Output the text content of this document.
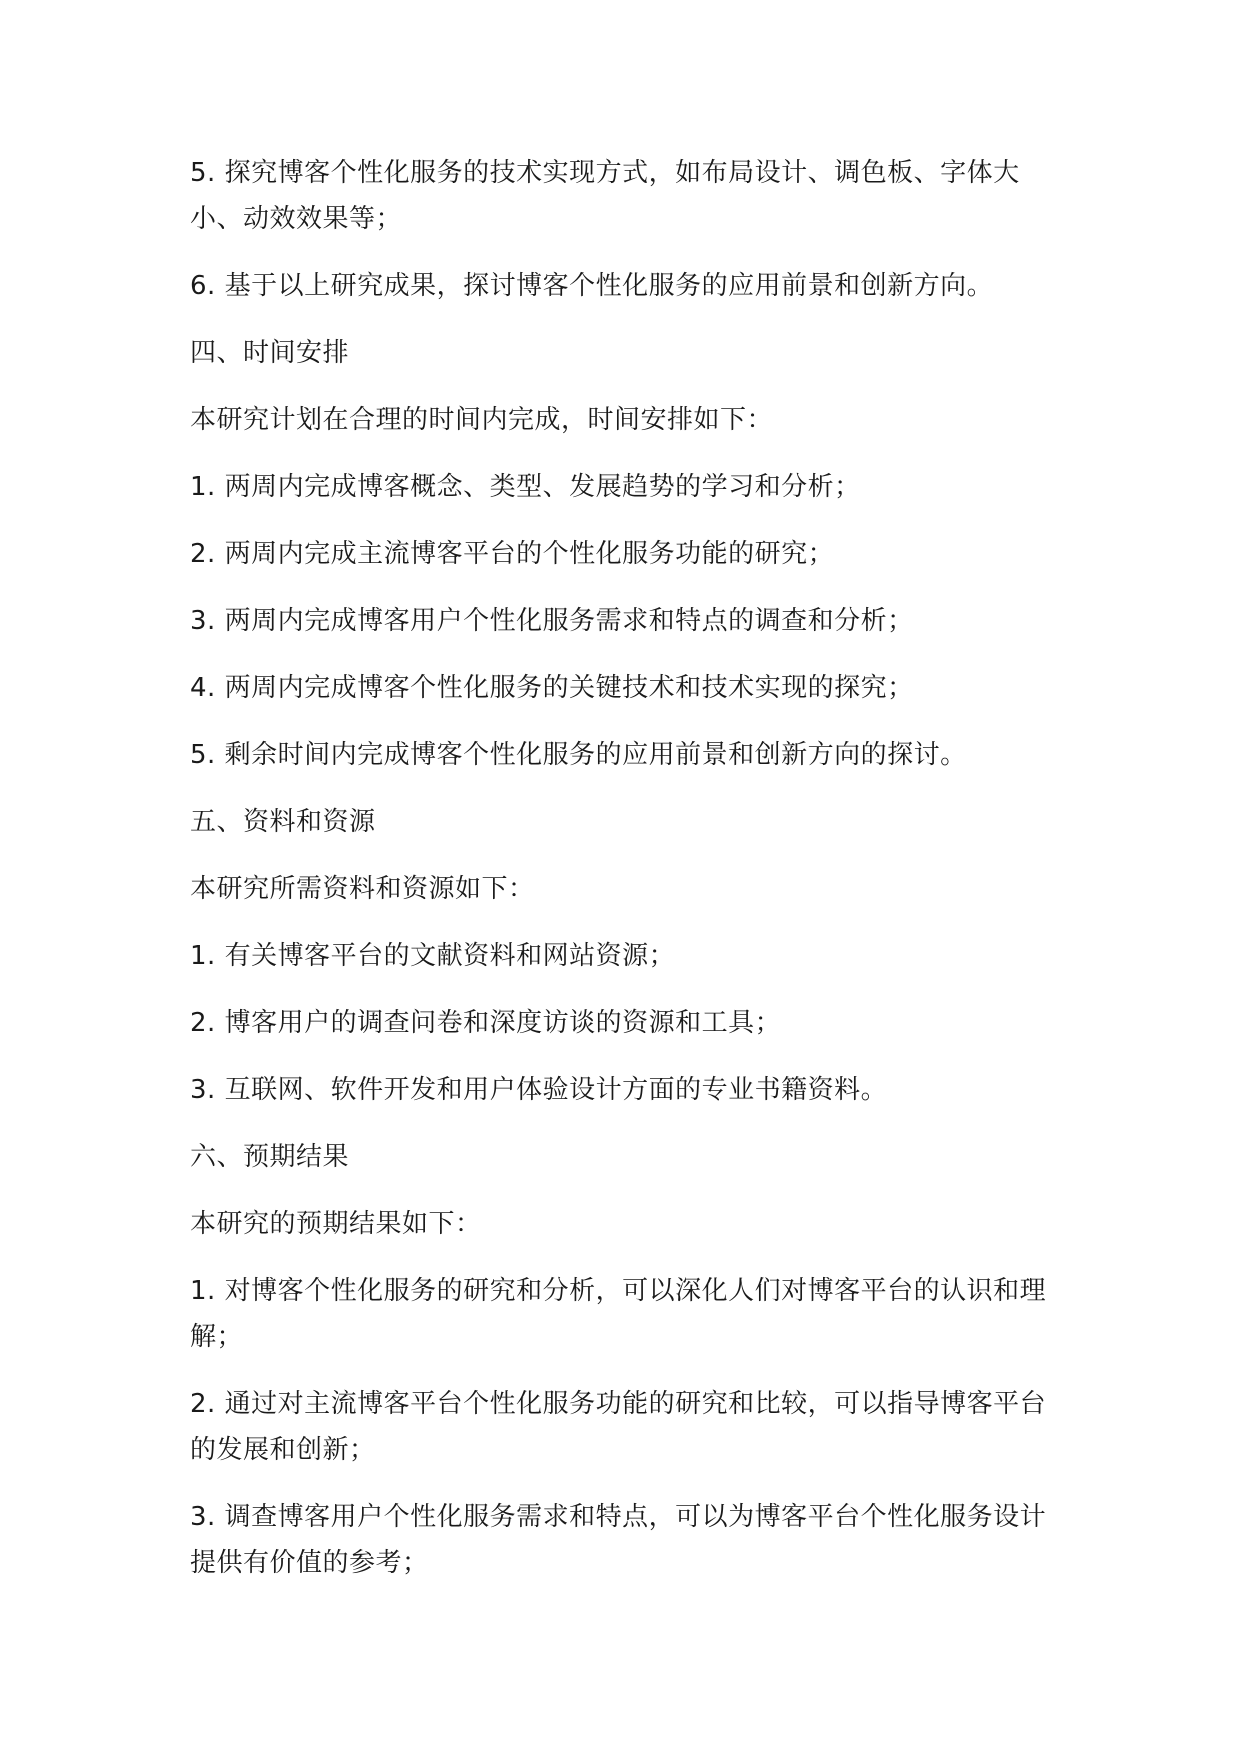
5. 探究博客个性化服务的技术实现方式，如布局设计、调色板、字体大小、动效效果等；

6. 基于以上研究成果，探讨博客个性化服务的应用前景和创新方向。

四、时间安排

本研究计划在合理的时间内完成，时间安排如下：

1. 两周内完成博客概念、类型、发展趋势的学习和分析；

2. 两周内完成主流博客平台的个性化服务功能的研究；

3. 两周内完成博客用户个性化服务需求和特点的调查和分析；

4. 两周内完成博客个性化服务的关键技术和技术实现的探究；

5. 剩余时间内完成博客个性化服务的应用前景和创新方向的探讨。

五、资料和资源

本研究所需资料和资源如下：

1. 有关博客平台的文献资料和网站资源；

2. 博客用户的调查问卷和深度访谈的资源和工具；

3. 互联网、软件开发和用户体验设计方面的专业书籍资料。

六、预期结果

本研究的预期结果如下：

1. 对博客个性化服务的研究和分析，可以深化人们对博客平台的认识和理解；

2. 通过对主流博客平台个性化服务功能的研究和比较，可以指导博客平台的发展和创新；

3. 调查博客用户个性化服务需求和特点，可以为博客平台个性化服务设计提供有价值的参考；
